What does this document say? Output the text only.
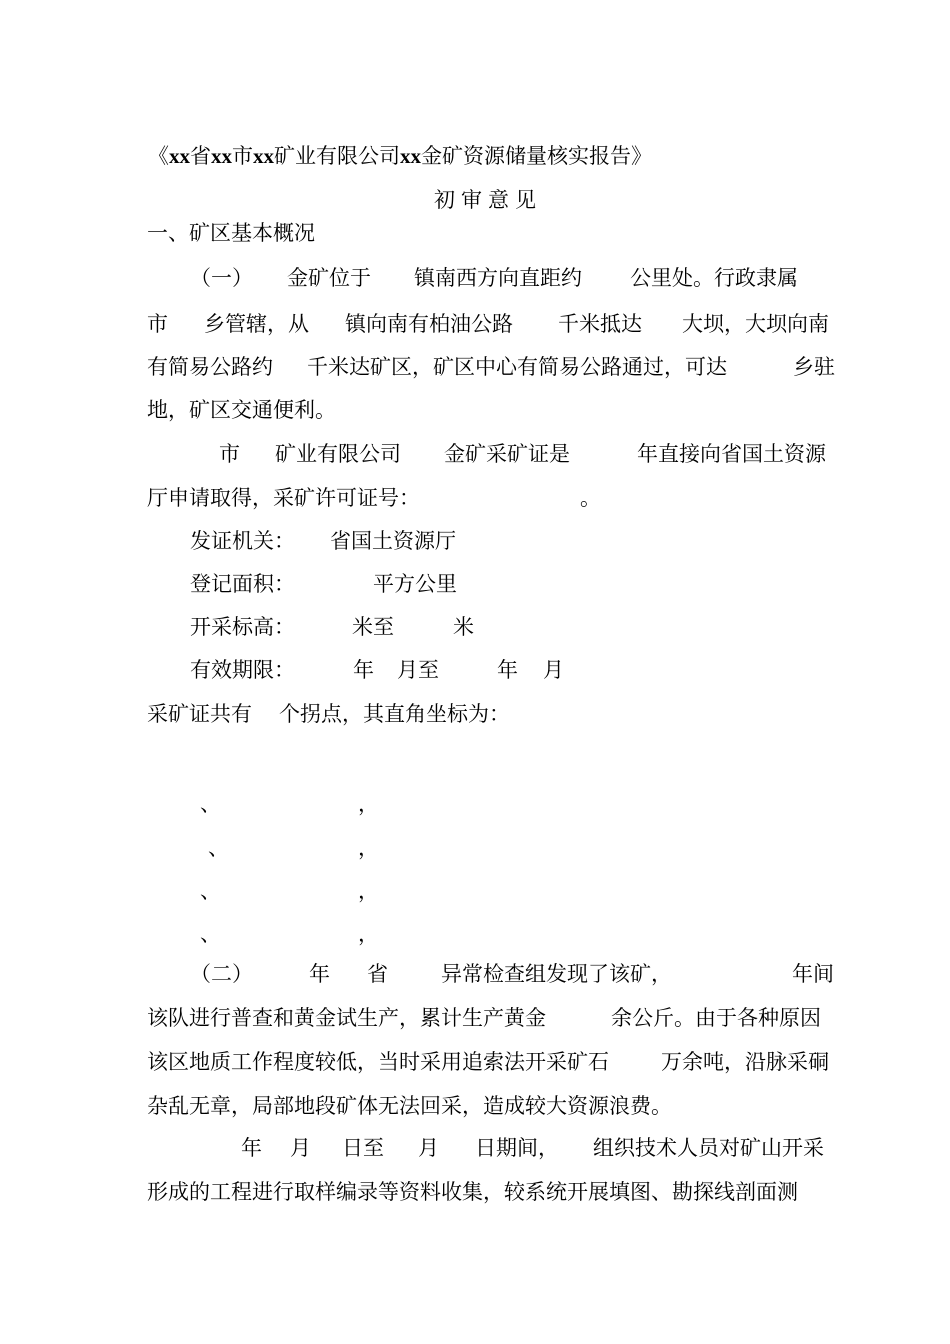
《xx省xx市xx矿业有限公司xx金矿资源储量核实报告》
初审意见
一、矿区基本概况
（一） 金矿位于 镇南西方向直距约 公里处。行政隶属
市 乡管辖，从 镇向南有柏油公路 千米抵达 大坝，大坝向南
有简易公路约 千米达矿区，矿区中心有简易公路通过，可达	乡驻
地，矿区交通便利。
市 矿业有限公司 金矿采矿证是	年直接向省国土资源
厅申请取得，采矿许可证号：	。
发证机关： 省国土资源厅
登记面积：	平方公里
开采标高：	米至	米
有效期限：	年 月至	年 月
采矿证共有 个拐点，其直角坐标为：
、	，
、	，
、	，
、	，
（二）	年 省	异常检查组发现了该矿，	年间
该队进行普查和黄金试生产，累计生产黄金	余公斤。由于各种原因
该区地质工作程度较低，当时采用追索法开采矿石 万余吨，沿脉采硐
杂乱无章，局部地段矿体无法回采，造成较大资源浪费。
年 月 日至 月 日期间， 组织技术人员对矿山开采
形成的工程进行取样编录等资料收集，较系统开展填图、勘探线剖面测
